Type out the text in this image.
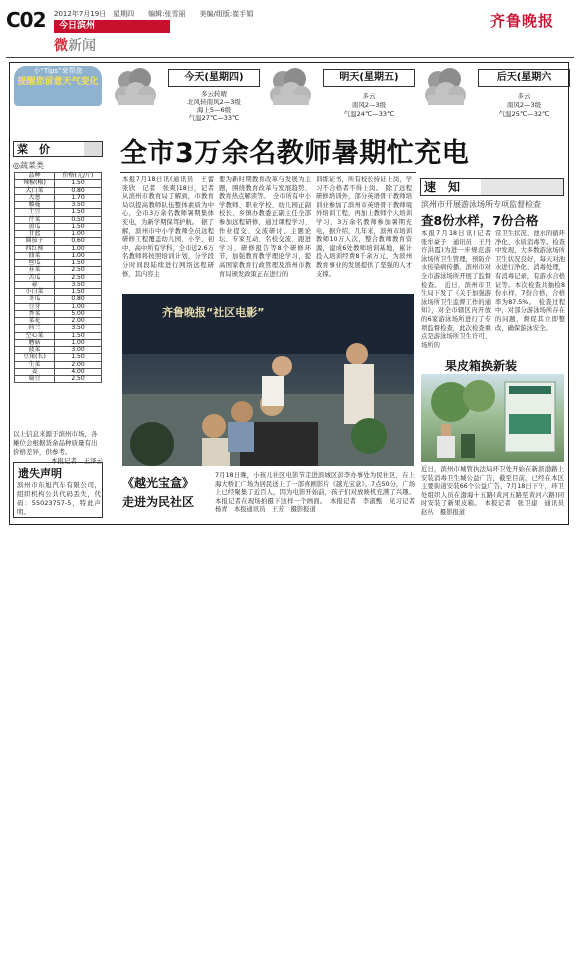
C02 2012年7月19日　星期四　　编辑:张雪丽　　美编/组版:崔手娟
今日滨州
微新闻
齐鲁晚报
小“Tips”来帮您
提醒您留意天气变化	今天(星期四)
多云转晴
北风转南风2—3级
海上5—6级
气温27℃—33℃
明天(星期五)
多云
南风2—3级
气温24℃—33℃
后天(星期六
多云
南风2—3级
气温25℃—32℃
菜　价
◎蔬菜类
品种	价格(元/斤)
辣椒(椒)	1.50
大白菜	0.80
大葱	1.70
藤蔓	3.50
土豆	1.50
芹菜	0.50
黄瓜	1.50
甘蓝	1.00
圆茄子	0.60
西红柿	1.00
油菜	1.00
丝瓜	1.50
韭菜	2.50
苦瓜	2.50
蒜	3.50
小白菜	1.50
冬瓜	0.80
豆芽	1.00
香菜	5.00
菜花	2.00
荷兰	3.50
空心菜	1.50
蘑菇	1.00
菠菜	3.00
豆角(长)	1.50
生菜	2.00
姜	4.00
扁豆	2.50
以上信息来源于滨州市场，各摊位会根据货余品种质量有出价格差异，供参考。
本报记者　王泽云
遗失声明
滨州市东旭汽车有限公司，组织机构公共代码丢失，代码：55023757-5，特此声明。
全市3万余名教师暑期忙充电
本报7月18日讯(通讯员　王蕾　张欣　记者　张爽)18日，记者从滨州市教育局了解到，市教育局以提高教师队伍整体素质为中心，全市3万余名教师暑期集体充电，为新学期保驾护航。　据了解，滨州市中小学教师全员远程研修工程覆盖幼儿园、小学、初中、高中所有学科，全市近2.6万名教师将按照培训计划，分学段分时间段陆续进行网络远程研修，其内容主
要为新时期教育改革与发展为主题，围绕教育改革与发展趋势、教育热点解读等。　全市所有中小学教师、职业学校、幼儿园正副校长、乡镇办教委正副主任全部参加远程研修，通过课程学习、作业提交、交流研讨、主题论坛、专家互动、名校交流、跟进学习、研修报告等8个研修环节，加强教育教学理论学习，提高国家教育行政管理及滨州市教育局颁发政策正在进行的
训练证书，所有校长持证上岗，学习不合格者不得上岗。　除了远程研修培训外，部分英语骨干教师培训业参加了滨州市英语骨干教师境外培训工程，再加上教师个人培训学习，3万余名教师参加暑期充电，据介绍，几年来，滨州市培训教师10万人次，整合教师教育资源，建成6处教师培训基地，累计投入培训经费8千余万元，为滨州教育事业的发展提供了坚强的人才支撑。
齐鲁晚报“社区电影”
《越光宝盒》走进为民社区
7月18日晚，小孩儿社区电影节走进滨城区彭李办事处为民社区，在上海大桥汇广场为居民送上了一部喜剧影片《越光宝盒》。7点50分，广场上已经聚集了近百人，因为电影开始前，孩子们对放映机充满了兴趣。本报记者在现场拍摄下这样一个画面。　本报记者　李淑甄　见习记者　杨青　本报通讯员　王芳　摄影报道
速　知
滨州市开展游泳场所专项监督检查
查8份水样，7份合格
本报7月18日讯(记者　张牟豪子　通讯员　王丹　许洪霞)为进一步规范游泳场所卫生管理，预防介水传染病传播，滨州市对全市游泳场所开展了监督检查。　近日，滨州市卫生局下发了《关于加强游泳场所卫生监督工作的通知》，对全市辖区内开放的6家游泳场所进行了专项监督检查，此次检查重点是游泳场所卫生许可、场所的
常卫生状况、池水的循环净化、水质消毒等。检查中发现，大多数游泳场所卫生状况良好，每天对池水进行净化、消毒处理，有消毒记录，有游水合格证等。本次检查共抽检8份水样，7份合格，合格率为87.5%。　检查过程中，对部分游泳场所存在的问题，督促其立即整改，确保游泳安全。
果皮箱换新装
近日，滨州市城管执法局环卫处开始在新滨渤路上安装消毒卫生城公益广告，截至目前，已经在本区主要街道安装66个公益广告，7月18日下午，环卫处组织人员在渤海十五路(黄河五路至黄河六路)同时安装了新果皮箱。　本报记者　张卫建　通讯员　赵丛　摄影报道
